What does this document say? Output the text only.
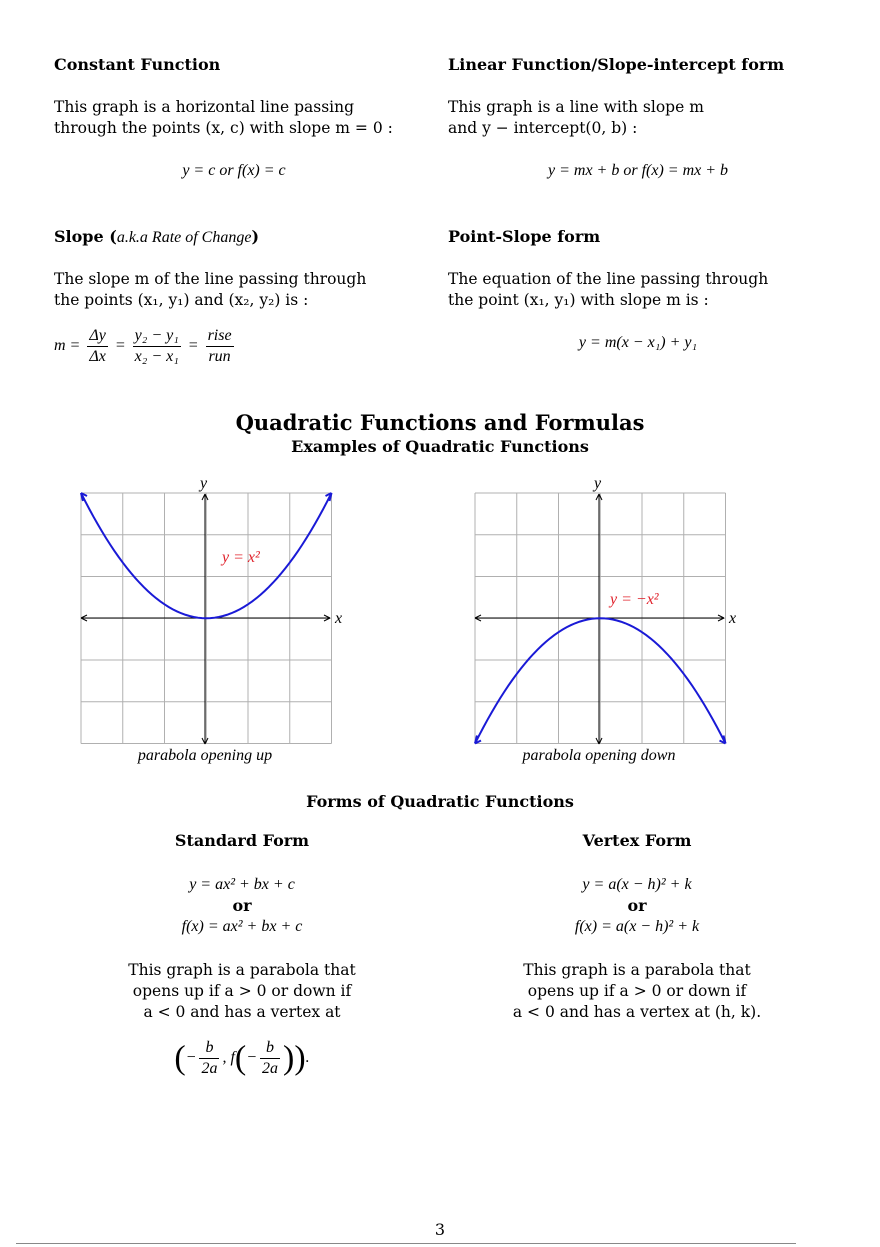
Constant Function
This graph is a horizontal line passing
through the points (x, c) with slope m = 0 :
y = c or f(x) = c
Linear Function/Slope-intercept form
This graph is a line with slope m
and y − intercept(0, b) :
y = mx + b or f(x) = mx + b
Slope (a.k.a Rate of Change)
The slope m of the line passing through
the points (x₁, y₁) and (x₂, y₂) is :
$m = \frac{\Delta y}{\Delta x} = \frac{\text{y₂ − y₁}}{\text{x₂ − x₁}} = \frac{\text{rise}}{\text{run}}$
Point-Slope form
The equation of the line passing through
the point (x₁, y₁) with slope m is :
y = m(x − x₁) + y₁
Quadratic Functions and Formulas
Examples of Quadratic Functions
y
x
y = x²
parabola opening up
y
x
y = −x²
parabola opening down
Forms of Quadratic Functions
Standard Form
y = ax² + bx + c
or
f(x) = ax² + bx + c
This graph is a parabola that
opens up if a > 0 or down if
a < 0 and has a vertex at
(− $\frac{b}{2a}$ , $f(- \frac{b}{2a}$ )).
Vertex Form
y = a(x − h)² + k
or
f(x) = a(x − h)² + k
This graph is a parabola that
opens up if a > 0 or down if
a < 0 and has a vertex at (h, k).
3
